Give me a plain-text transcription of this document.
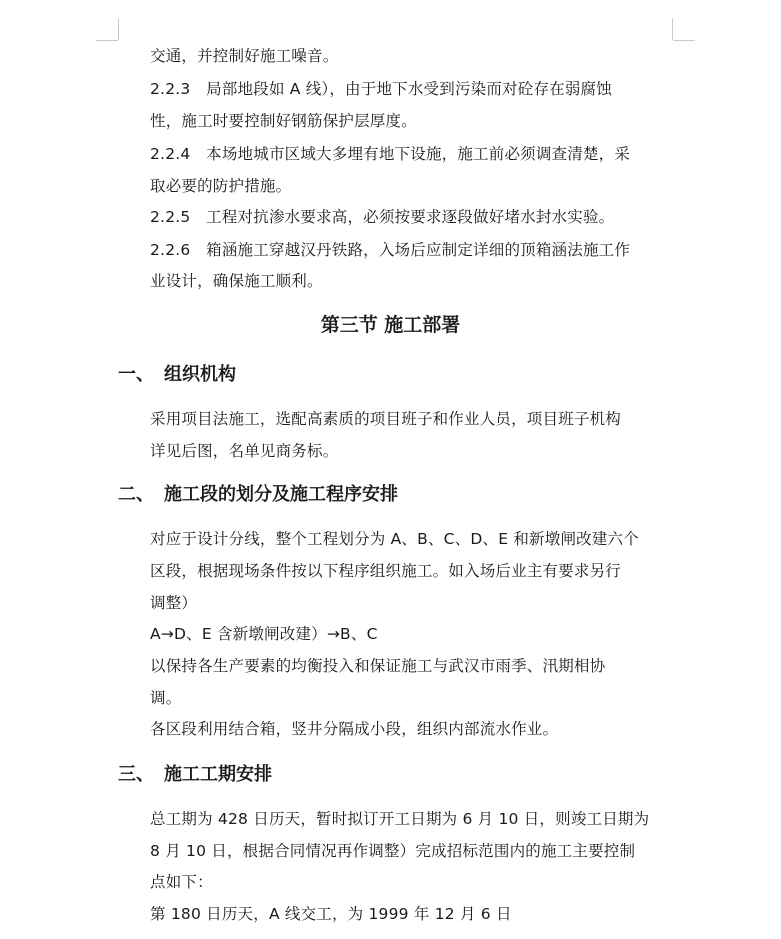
交通，并控制好施工噪音。
2.2.3　局部地段如 A 线），由于地下水受到污染而对砼存在弱腐蚀
性，施工时要控制好钢筋保护层厚度。
2.2.4　本场地城市区域大多埋有地下设施，施工前必须调查清楚，采
取必要的防护措施。
2.2.5　工程对抗渗水要求高，必须按要求逐段做好堵水封水实验。
2.2.6　箱涵施工穿越汉丹铁路，入场后应制定详细的顶箱涵法施工作
业设计，确保施工顺利。
第三节 施工部署
一、 组织机构
采用项目法施工，选配高素质的项目班子和作业人员，项目班子机构
详见后图，名单见商务标。
二、 施工段的划分及施工程序安排
对应于设计分线，整个工程划分为 A、B、C、D、E 和新墩闸改建六个
区段，根据现场条件按以下程序组织施工。如入场后业主有要求另行
调整）
A→D、E 含新墩闸改建）→B、C
以保持各生产要素的均衡投入和保证施工与武汉市雨季、汛期相协
调。
各区段利用结合箱，竖井分隔成小段，组织内部流水作业。
三、 施工工期安排
总工期为 428 日历天，暂时拟订开工日期为 6 月 10 日，则竣工日期为
8 月 10 日，根据合同情况再作调整）完成招标范围内的施工主要控制
点如下：
第 180 日历天，A 线交工，为 1999 年 12 月 6 日
